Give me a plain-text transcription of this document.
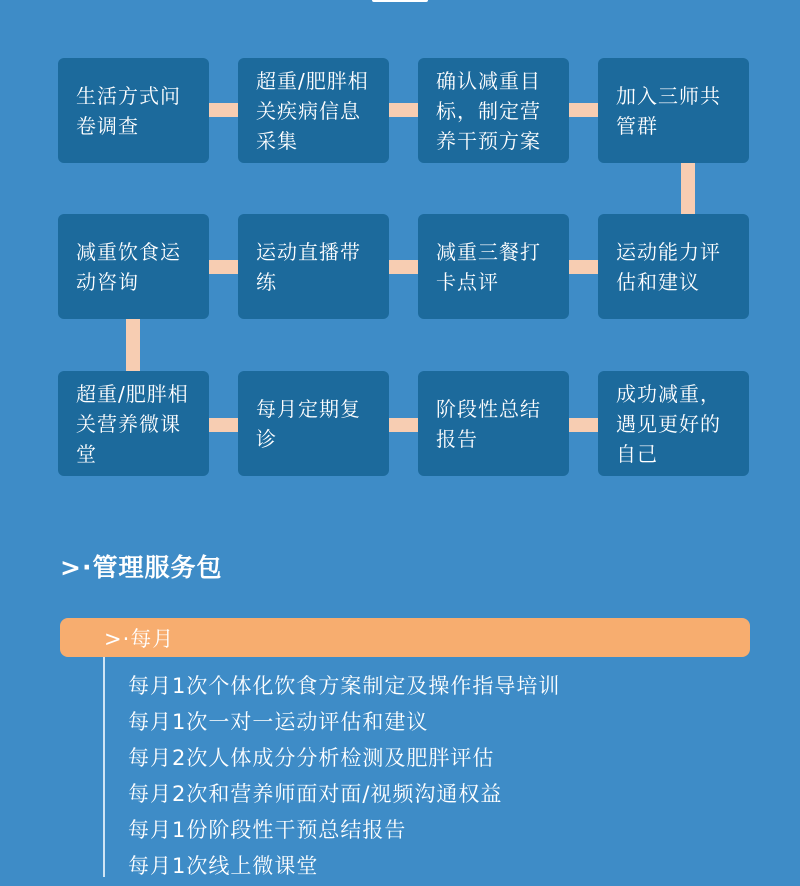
生活方式问卷调查
超重/肥胖相关疾病信息采集
确认减重目标，制定营养干预方案
加入三师共管群
减重饮食运动咨询
运动直播带练
减重三餐打卡点评
运动能力评估和建议
超重/肥胖相关营养微课堂
每月定期复诊
阶段性总结报告
成功减重，遇见更好的自己
>·管理服务包
>·每月
每月1次个体化饮食方案制定及操作指导培训
每月1次一对一运动评估和建议
每月2次人体成分分析检测及肥胖评估
每月2次和营养师面对面/视频沟通权益
每月1份阶段性干预总结报告
每月1次线上微课堂
